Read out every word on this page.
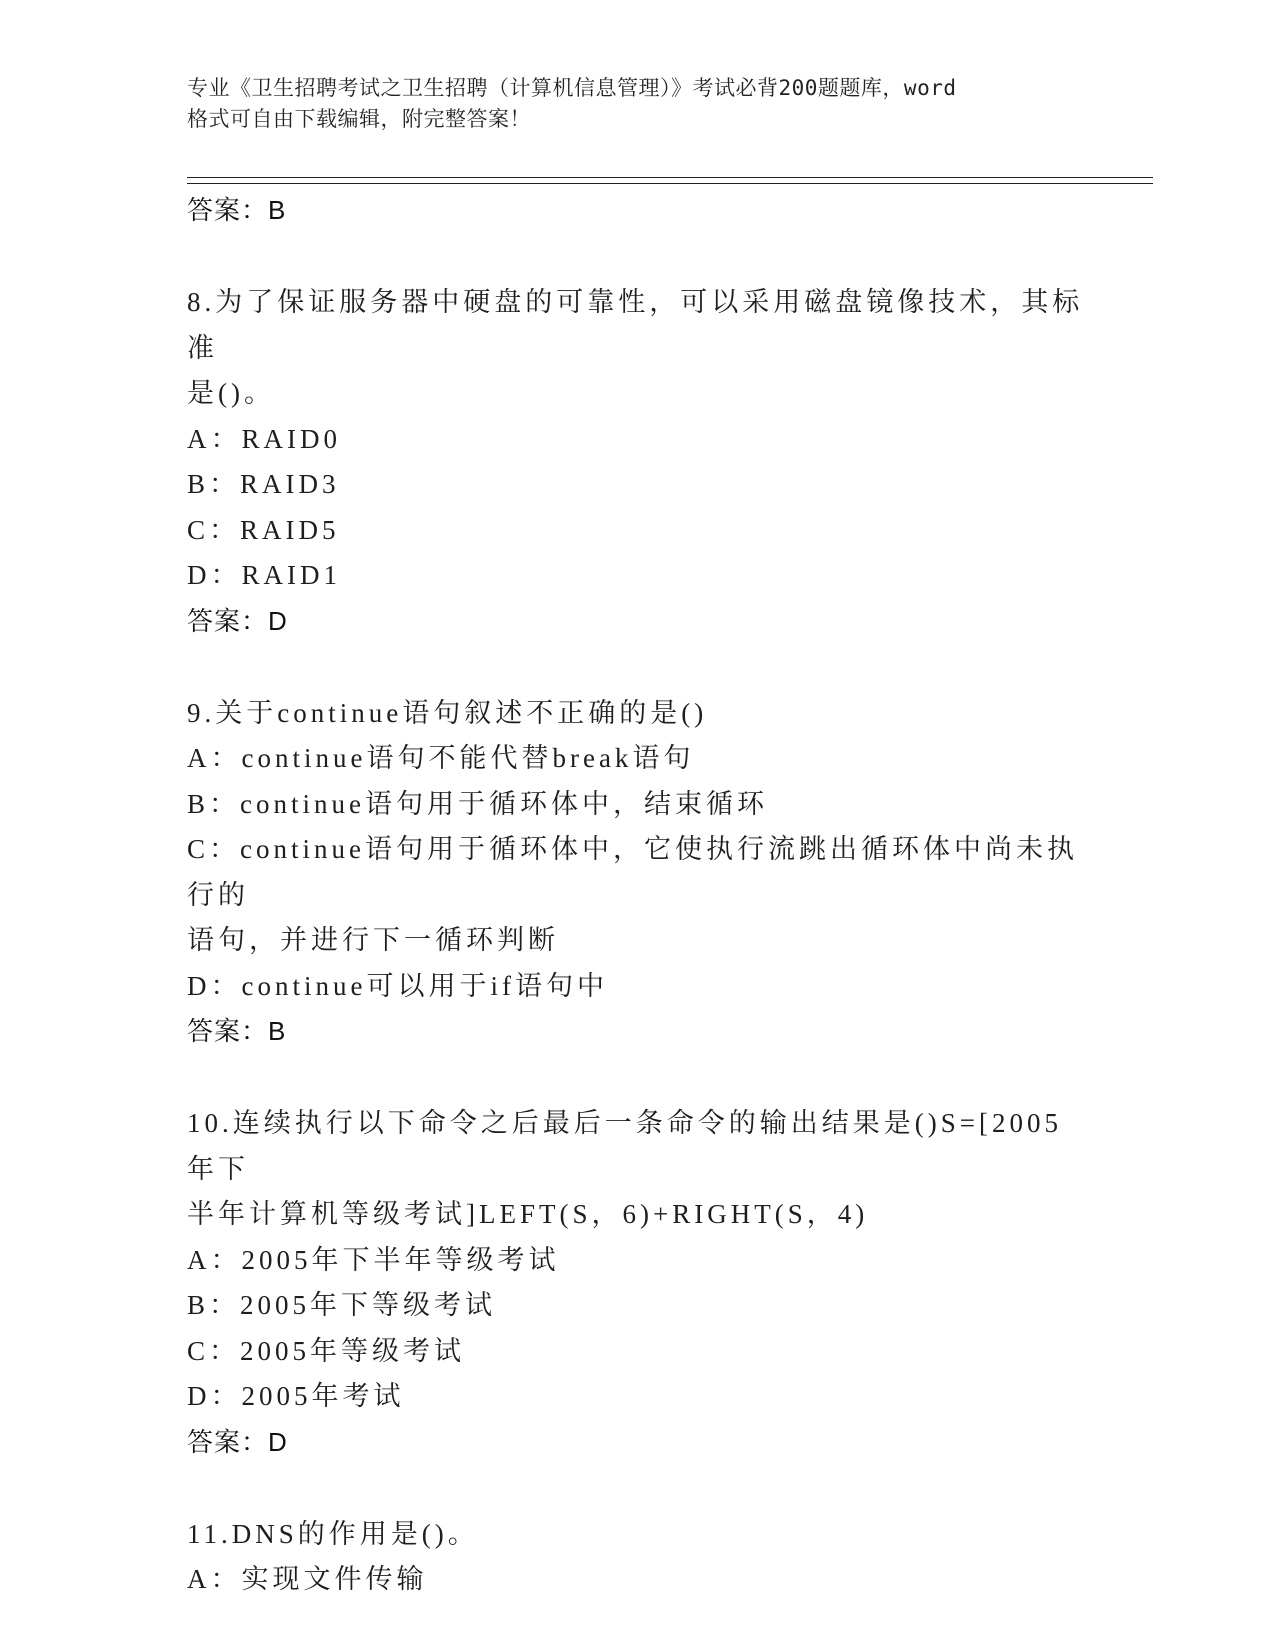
专业《卫生招聘考试之卫生招聘（计算机信息管理）》考试必背200题题库，word
格式可自由下载编辑，附完整答案！
答案：B
8.为了保证服务器中硬盘的可靠性，可以采用磁盘镜像技术，其标准
是()。
A：RAID0
B：RAID3
C：RAID5
D：RAID1
答案：D
9.关于continue语句叙述不正确的是()
A：continue语句不能代替break语句
B：continue语句用于循环体中，结束循环
C：continue语句用于循环体中，它使执行流跳出循环体中尚未执行的
语句，并进行下一循环判断
D：continue可以用于if语句中
答案：B
10.连续执行以下命令之后最后一条命令的输出结果是()S=[2005年下
半年计算机等级考试]LEFT(S，6)+RIGHT(S，4)
A：2005年下半年等级考试
B：2005年下等级考试
C：2005年等级考试
D：2005年考试
答案：D
11.DNS的作用是()。
A：实现文件传输
